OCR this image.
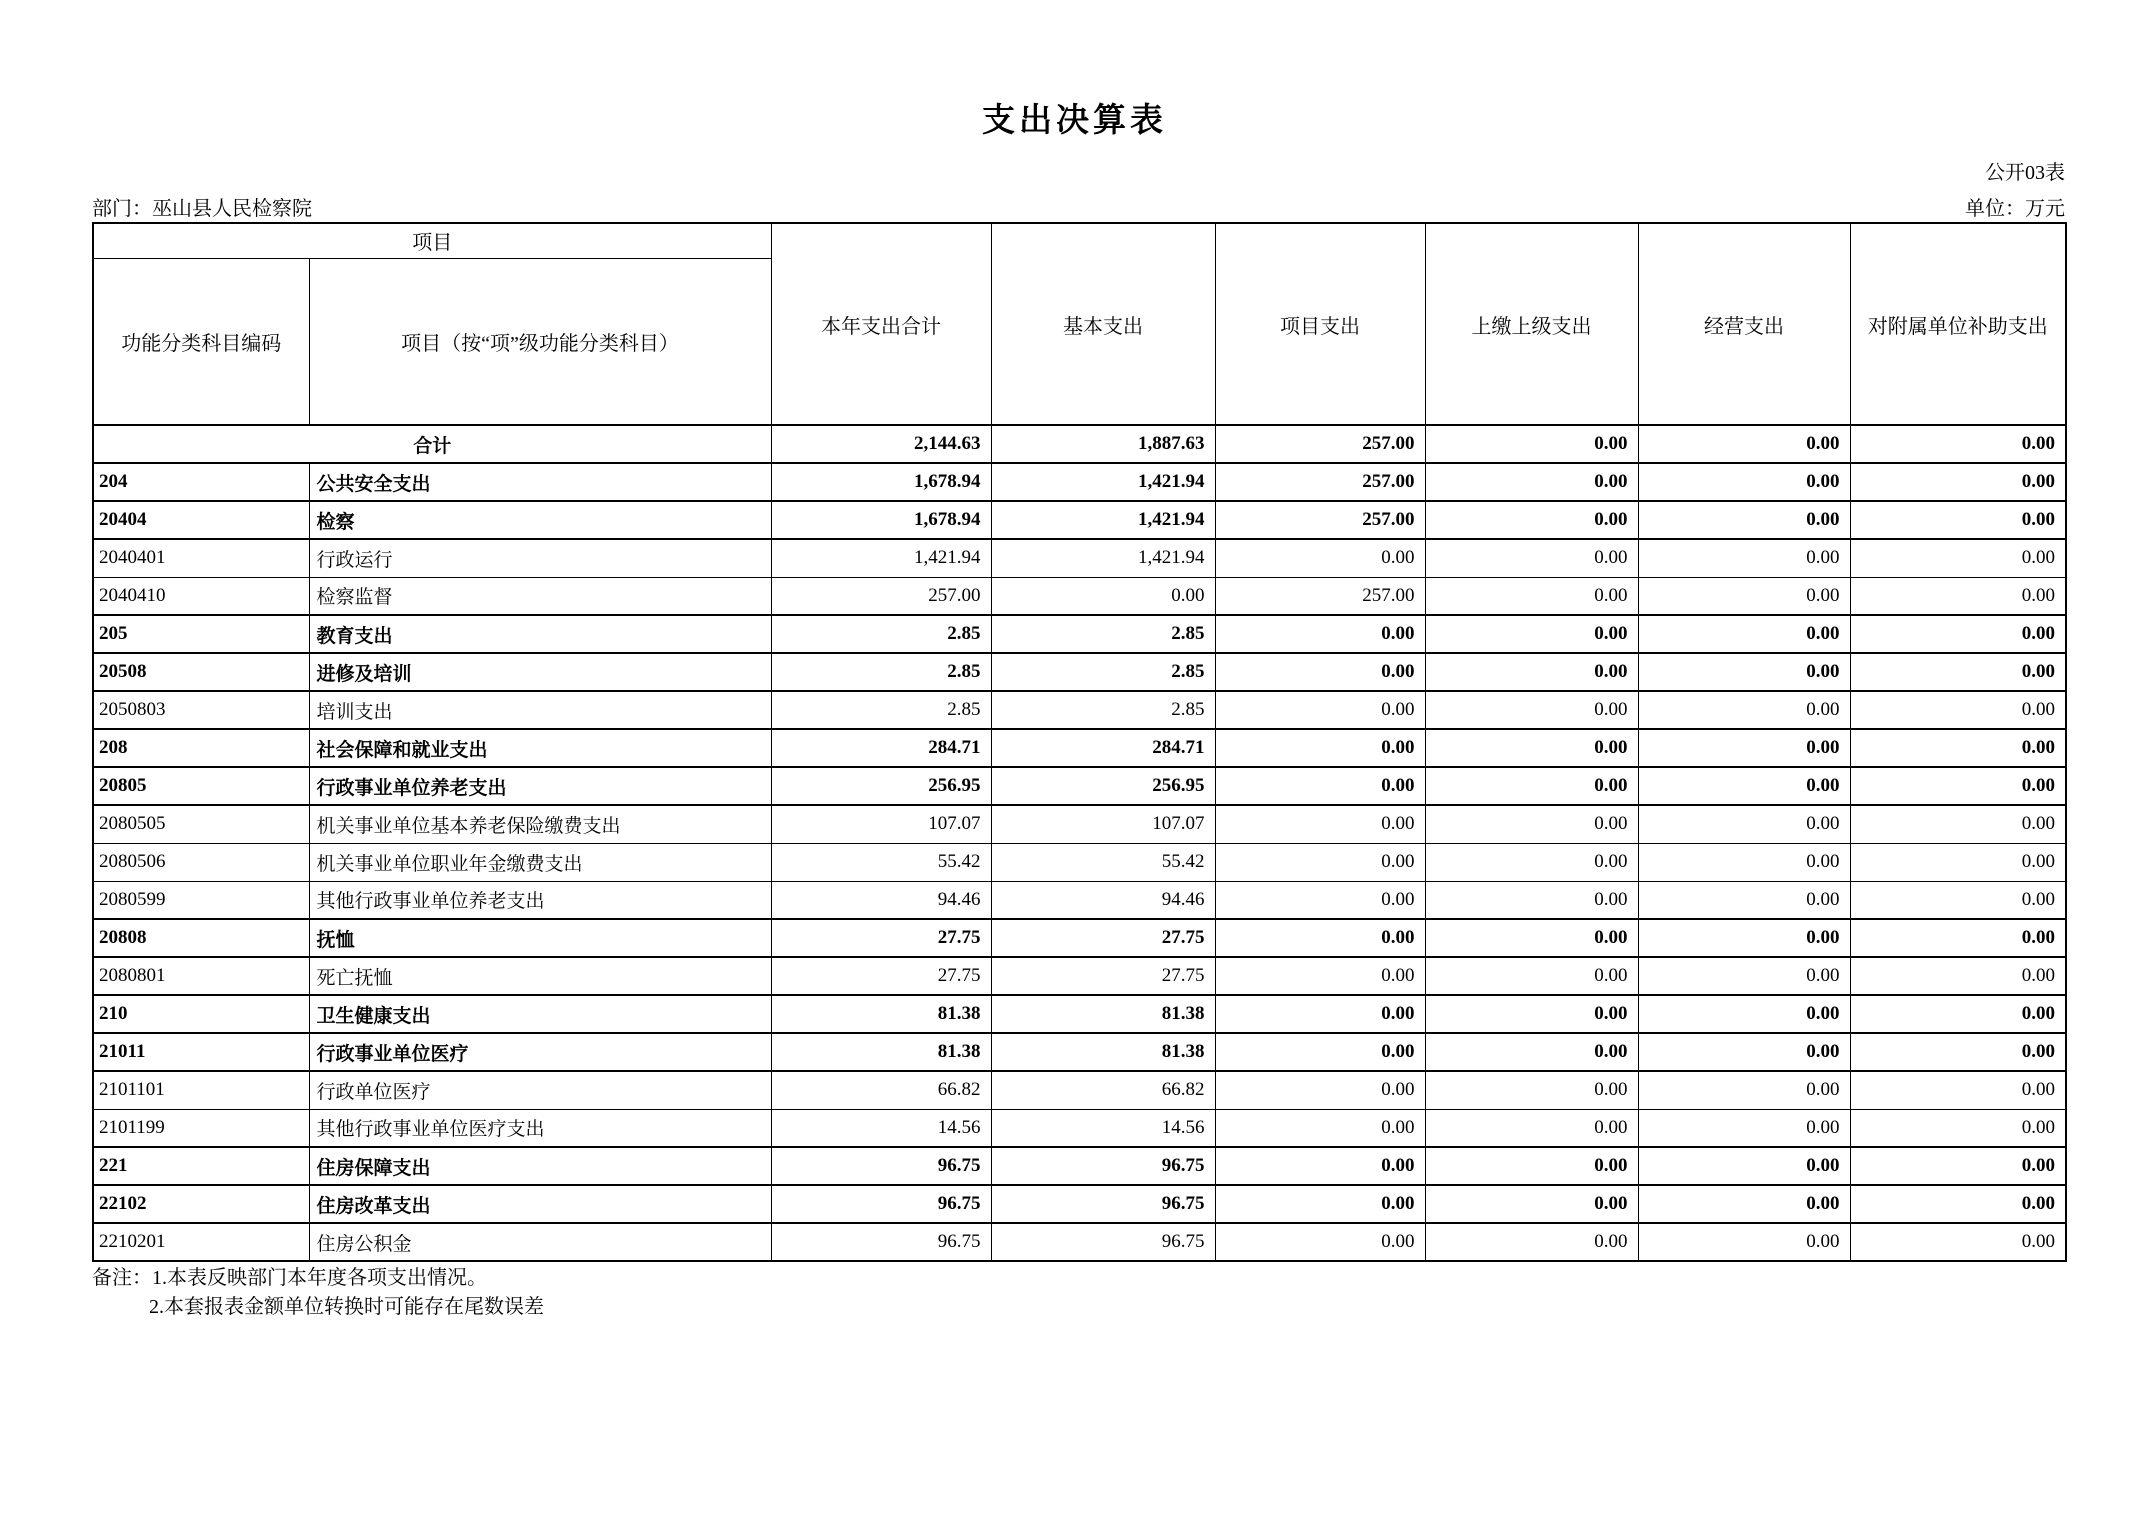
支出决算表
公开03表
部门：巫山县人民检察院	单位：万元
项目		本年支出合计	基本支出	项目支出	上缴上级支出	经营支出	对附属单位补助支出
功能分类科目编码	项目（按“项”级功能分类科目）						
合计		2,144.63	1,887.63	257.00	0.00	0.00	0.00
204	公共安全支出	1,678.94	1,421.94	257.00	0.00	0.00	0.00
20404	检察	1,678.94	1,421.94	257.00	0.00	0.00	0.00
2040401	行政运行	1,421.94	1,421.94	0.00	0.00	0.00	0.00
2040410	检察监督	257.00	0.00	257.00	0.00	0.00	0.00
205	教育支出	2.85	2.85	0.00	0.00	0.00	0.00
20508	进修及培训	2.85	2.85	0.00	0.00	0.00	0.00
2050803	培训支出	2.85	2.85	0.00	0.00	0.00	0.00
208	社会保障和就业支出	284.71	284.71	0.00	0.00	0.00	0.00
20805	行政事业单位养老支出	256.95	256.95	0.00	0.00	0.00	0.00
2080505	机关事业单位基本养老保险缴费支出	107.07	107.07	0.00	0.00	0.00	0.00
2080506	机关事业单位职业年金缴费支出	55.42	55.42	0.00	0.00	0.00	0.00
2080599	其他行政事业单位养老支出	94.46	94.46	0.00	0.00	0.00	0.00
20808	抚恤	27.75	27.75	0.00	0.00	0.00	0.00
2080801	死亡抚恤	27.75	27.75	0.00	0.00	0.00	0.00
210	卫生健康支出	81.38	81.38	0.00	0.00	0.00	0.00
21011	行政事业单位医疗	81.38	81.38	0.00	0.00	0.00	0.00
2101101	行政单位医疗	66.82	66.82	0.00	0.00	0.00	0.00
2101199	其他行政事业单位医疗支出	14.56	14.56	0.00	0.00	0.00	0.00
221	住房保障支出	96.75	96.75	0.00	0.00	0.00	0.00
22102	住房改革支出	96.75	96.75	0.00	0.00	0.00	0.00
2210201	住房公积金	96.75	96.75	0.00	0.00	0.00	0.00
备注：1.本表反映部门本年度各项支出情况。
2.本套报表金额单位转换时可能存在尾数误差
